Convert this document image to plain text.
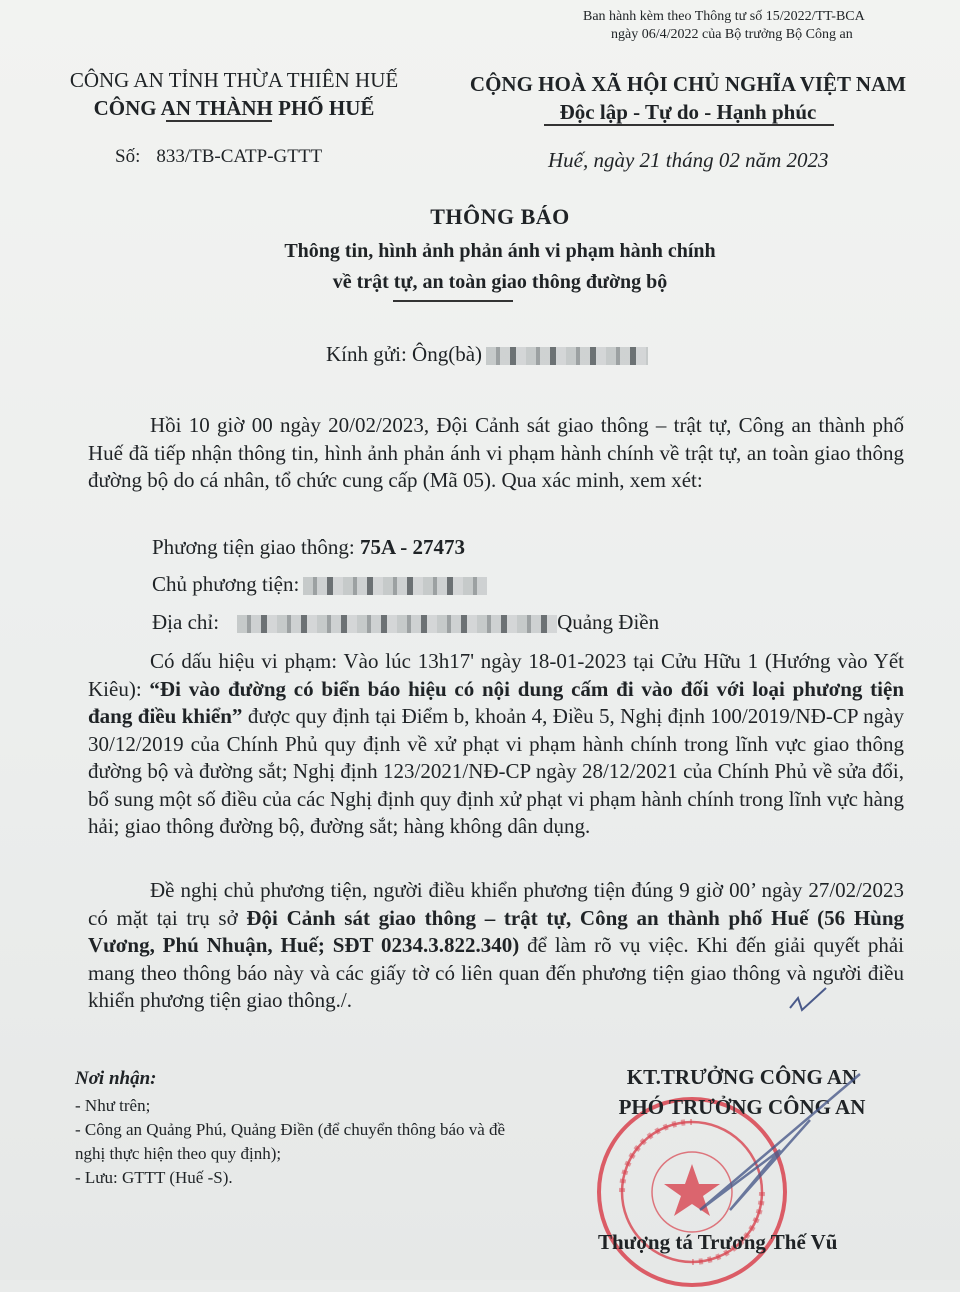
Ban hành kèm theo Thông tư số 15/2022/TT-BCA
ngày 06/4/2022 của Bộ trưởng Bộ Công an
CÔNG AN TỈNH THỪA THIÊN HUẾ
CÔNG AN THÀNH PHỐ HUẾ
CỘNG HOÀ XÃ HỘI CHỦ NGHĨA VIỆT NAM
Độc lập - Tự do - Hạnh phúc
Số: 833/TB-CATP-GTTT	Huế, ngày 21 tháng 02 năm 2023
THÔNG BÁO
Thông tin, hình ảnh phản ánh vi phạm hành chính
về trật tự, an toàn giao thông đường bộ
Kính gửi: Ông(bà)
Hồi 10 giờ 00 ngày 20/02/2023, Đội Cảnh sát giao thông – trật tự, Công an thành phố Huế đã tiếp nhận thông tin, hình ảnh phản ánh vi phạm hành chính về trật tự, an toàn giao thông đường bộ do cá nhân, tổ chức cung cấp (Mã 05). Qua xác minh, xem xét:
Phương tiện giao thông: 75A - 27473
Chủ phương tiện:
Địa chỉ:	Quảng Điền
Có dấu hiệu vi phạm: Vào lúc 13h17' ngày 18-01-2023 tại Cửu Hữu 1 (Hướng vào Yết Kiêu): “Đi vào đường có biển báo hiệu có nội dung cấm đi vào đối với loại phương tiện đang điều khiển” được quy định tại Điểm b, khoản 4, Điều 5, Nghị định 100/2019/NĐ-CP ngày 30/12/2019 của Chính Phủ quy định về xử phạt vi phạm hành chính trong lĩnh vực giao thông đường bộ và đường sắt; Nghị định 123/2021/NĐ-CP ngày 28/12/2021 của Chính Phủ về sửa đổi, bổ sung một số điều của các Nghị định quy định xử phạt vi phạm hành chính trong lĩnh vực hàng hải; giao thông đường bộ, đường sắt; hàng không dân dụng.
Đề nghị chủ phương tiện, người điều khiển phương tiện đúng 9 giờ 00’ ngày 27/02/2023 có mặt tại trụ sở Đội Cảnh sát giao thông – trật tự, Công an thành phố Huế (56 Hùng Vương, Phú Nhuận, Huế; SĐT 0234.3.822.340) để làm rõ vụ việc. Khi đến giải quyết phải mang theo thông báo này và các giấy tờ có liên quan đến phương tiện giao thông và người điều khiển phương tiện giao thông./.
Nơi nhận:
- Như trên;
- Công an Quảng Phú, Quảng Điền (để chuyển thông báo và đề nghị thực hiện theo quy định);
- Lưu: GTTT (Huế -S).
KT.TRƯỞNG CÔNG AN
PHÓ TRƯỞNG CÔNG AN
Thượng tá Trương Thế Vũ
